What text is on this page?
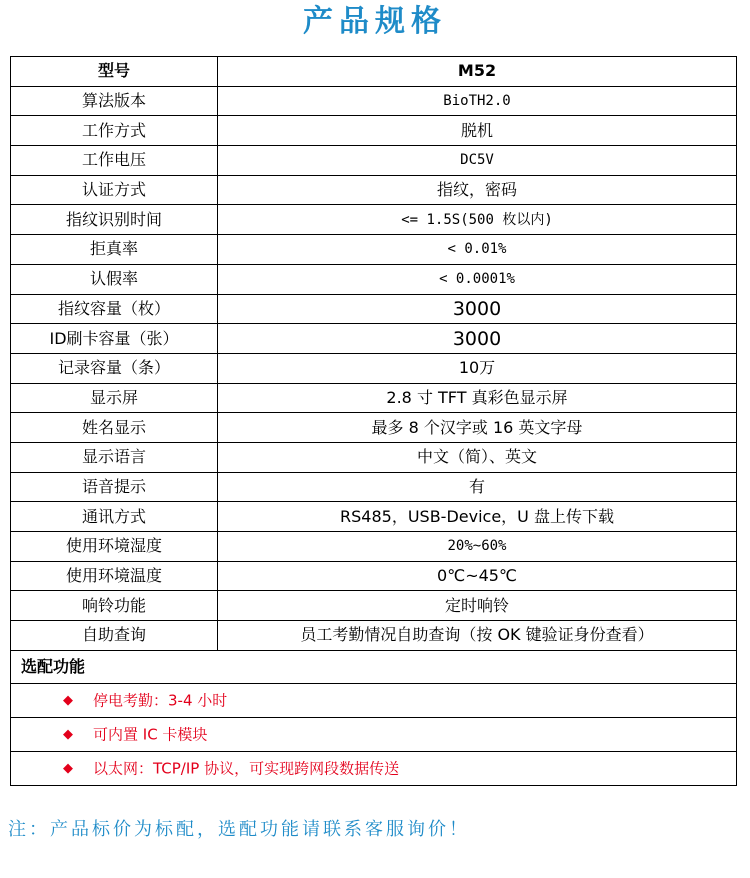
产品规格
型号	M52
算法版本	BioTH2.0
工作方式	脱机
工作电压	DC5V
认证方式	指纹，密码
指纹识别时间	<= 1.5S(500 枚以内)
拒真率	< 0.01%
认假率	< 0.0001%
指纹容量（枚）	3000
ID刷卡容量（张）	3000
记录容量（条）	10万
显示屏	2.8 寸 TFT 真彩色显示屏
姓名显示	最多 8 个汉字或 16 英文字母
显示语言	中文（简）、英文
语音提示	有
通讯方式	RS485，USB-Device，U 盘上传下载
使用环境湿度	20%~60%
使用环境温度	0℃~45℃
响铃功能	定时响铃
自助查询	员工考勤情况自助查询（按 OK 键验证身份查看）
选配功能	
◆ 停电考勤：3-4 小时	
◆ 可内置 IC 卡模块	
◆ 以太网：TCP/IP 协议，可实现跨网段数据传送	
注：产品标价为标配，选配功能请联系客服询价！
